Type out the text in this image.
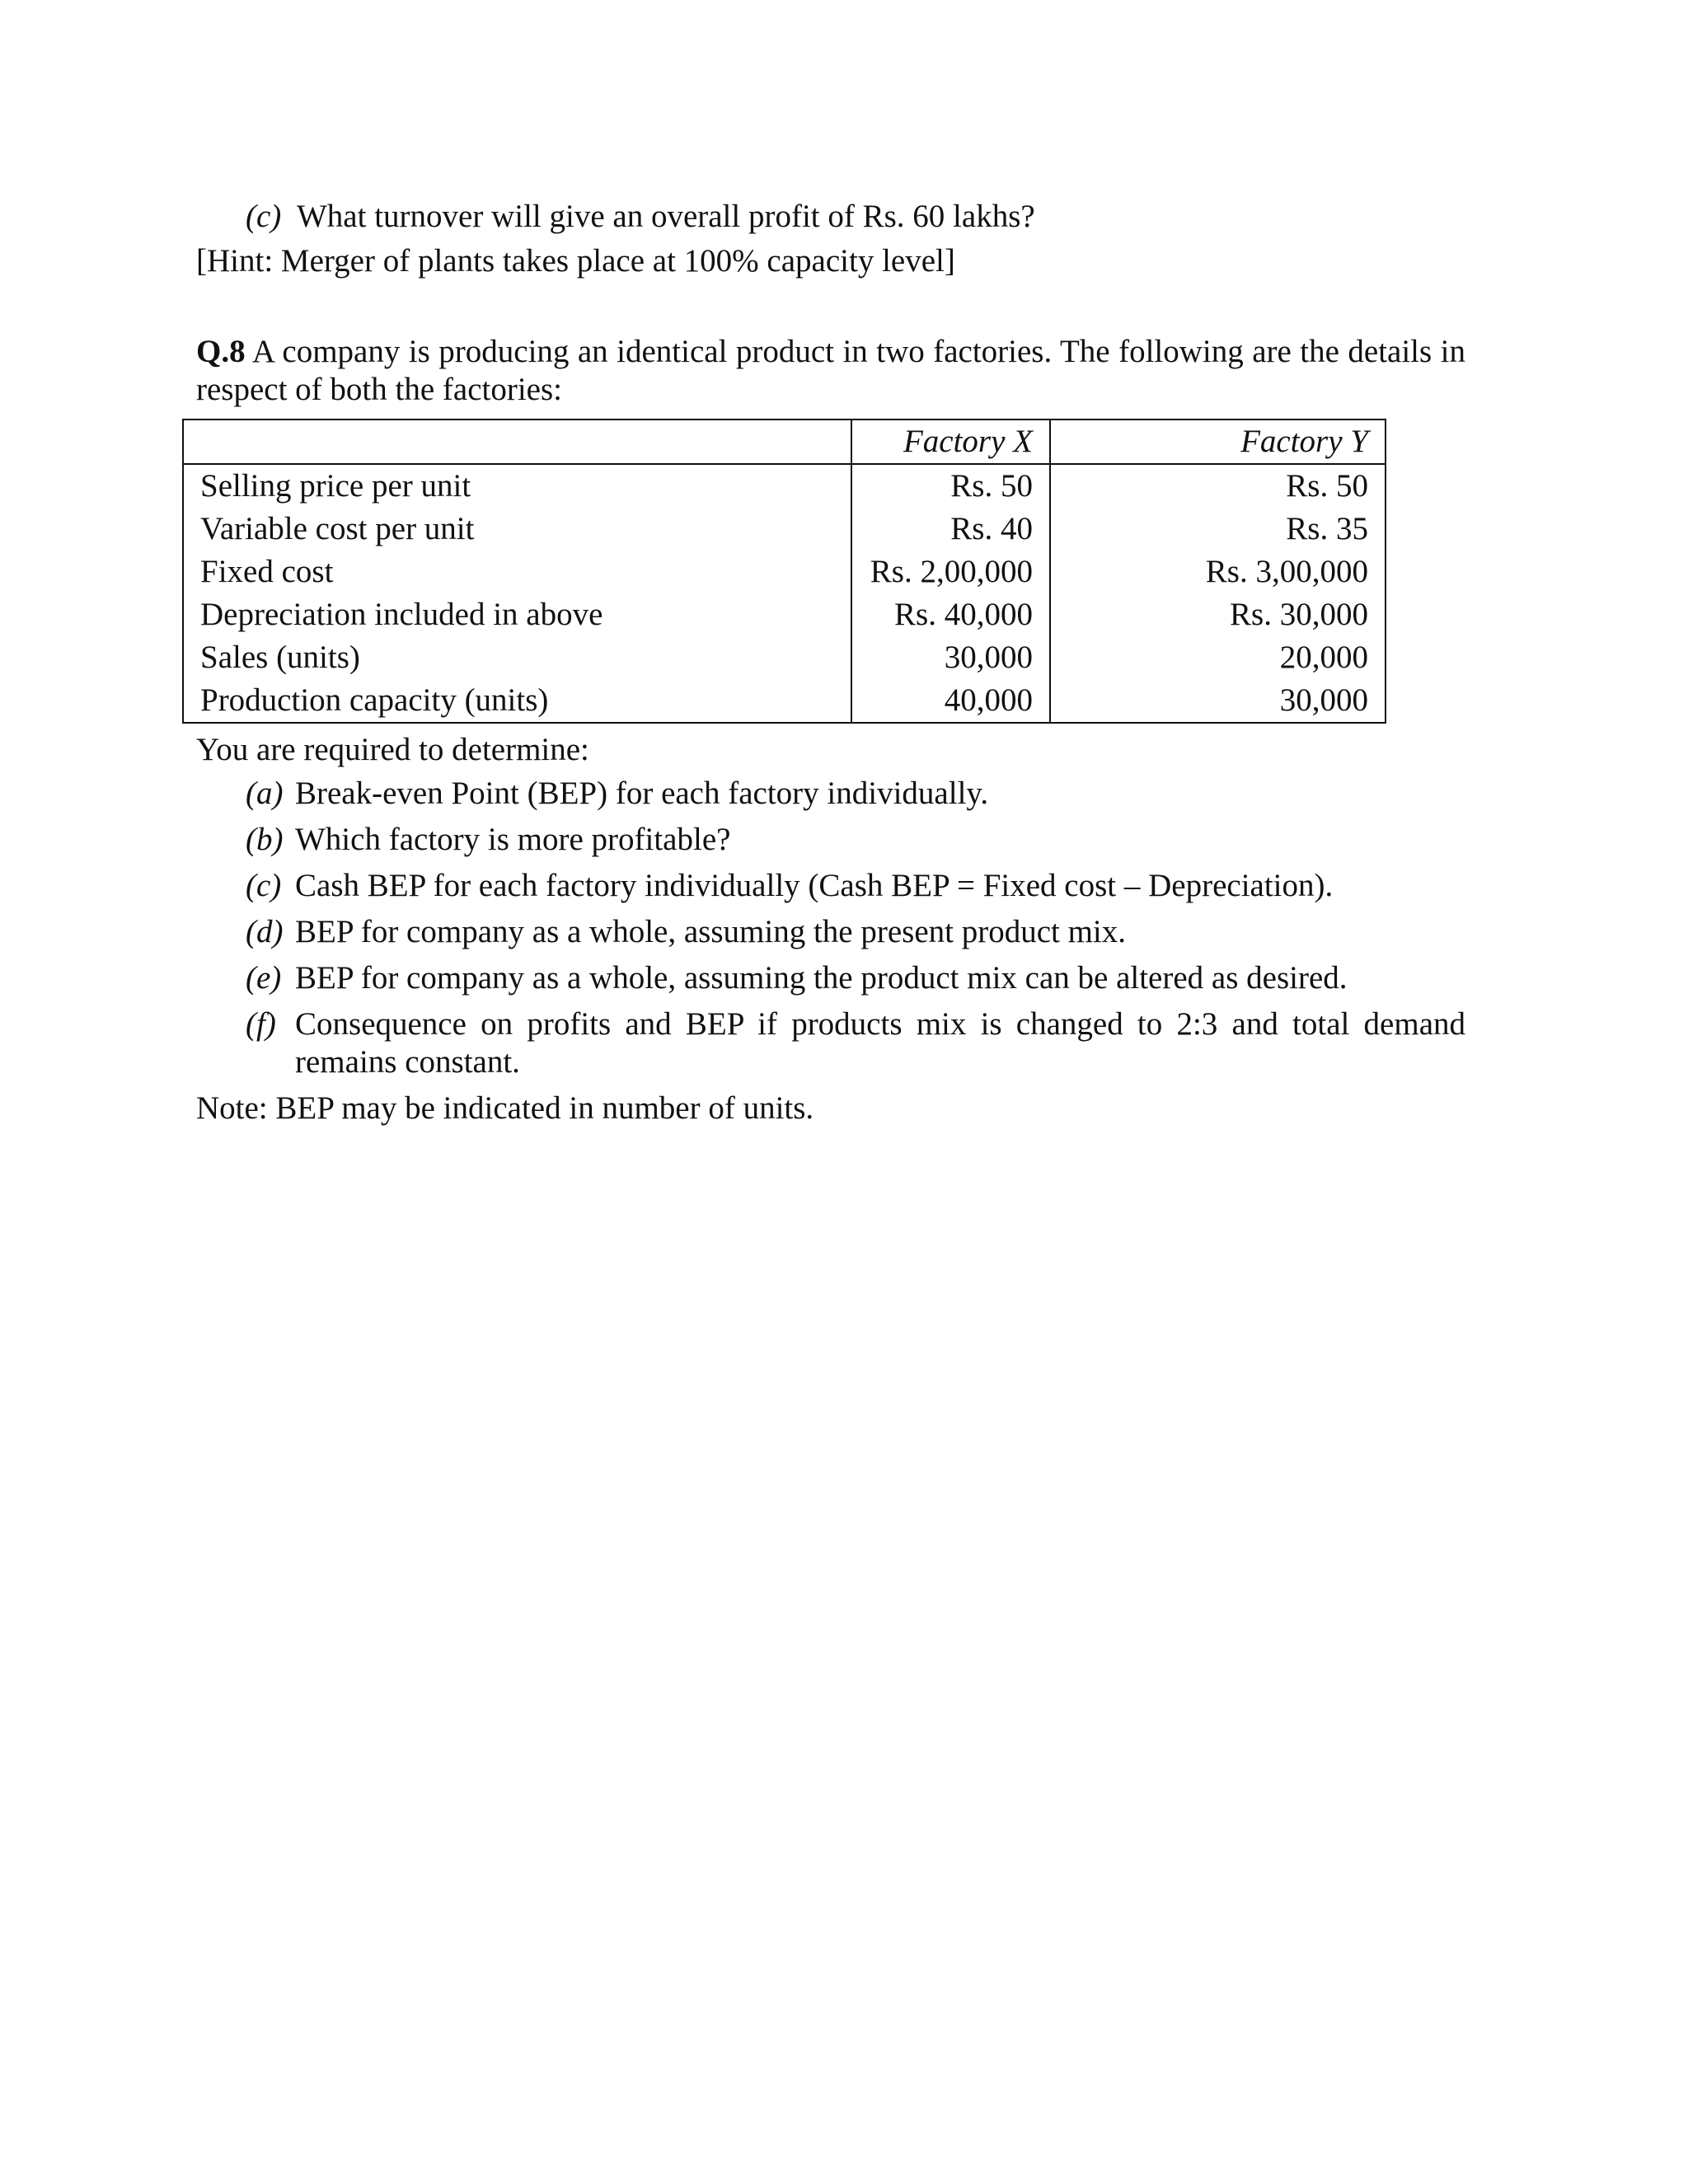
(c) What turnover will give an overall profit of Rs. 60 lakhs?
[Hint: Merger of plants takes place at 100% capacity level]
Q.8 A company is producing an identical product in two factories. The following are the details in respect of both the factories:
	Factory X	Factory Y
Selling price per unit	Rs. 50	Rs. 50
Variable cost per unit	Rs. 40	Rs. 35
Fixed cost	Rs. 2,00,000	Rs. 3,00,000
Depreciation included in above	Rs. 40,000	Rs. 30,000
Sales (units)	30,000	20,000
Production capacity (units)	40,000	30,000
You are required to determine:
(a) Break-even Point (BEP) for each factory individually.
(b) Which factory is more profitable?
(c) Cash BEP for each factory individually (Cash BEP = Fixed cost – Depreciation).
(d) BEP for company as a whole, assuming the present product mix.
(e) BEP for company as a whole, assuming the product mix can be altered as desired.
(f) Consequence on profits and BEP if products mix is changed to 2:3 and total demand remains constant.
Note: BEP may be indicated in number of units.
